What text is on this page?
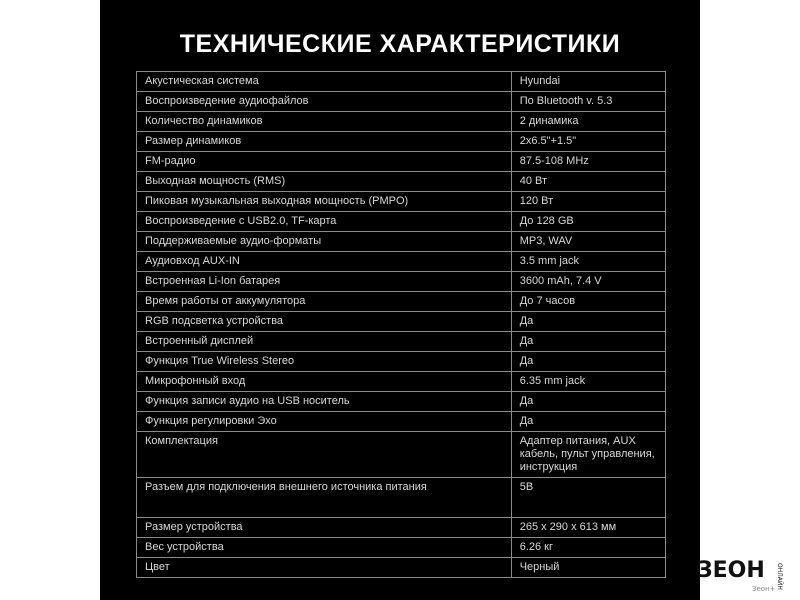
ТЕХНИЧЕСКИЕ ХАРАКТЕРИСТИКИ
Акустическая система	Hyundai
Воспроизведение аудиофайлов	По Bluetooth v. 5.3
Количество динамиков	2 динамика
Размер динамиков	2х6.5"+1.5"
FM-радио	87.5-108 MHz
Выходная мощность (RMS)	40 Вт
Пиковая музыкальная выходная мощность (PMPO)	120 Вт
Воспроизведение с USB2.0, TF-карта	До 128 GB
Поддерживаемые аудио-форматы	MP3, WAV
Аудиовход AUX-IN	3.5 mm jack
Встроенная Li-Ion батарея	3600 mAh, 7.4 V
Время работы от аккумулятора	До 7 часов
RGB подсветка устройства	Да
Встроенный дисплей	Да
Функция True Wireless Stereo	Да
Микрофонный вход	6.35 mm jack
Функция записи аудио на USB носитель	Да
Функция регулировки Эхо	Да
Комплектация	Адаптер питания, AUX кабель, пульт управления, инструкция
Разъем для подключения внешнего источника питания	5В
Размер устройства	265 х 290 х 613 мм
Вес устройства	6.26 кг
Цвет	Черный	ЗЕОН	ОНЛАЙН
Зеон+
